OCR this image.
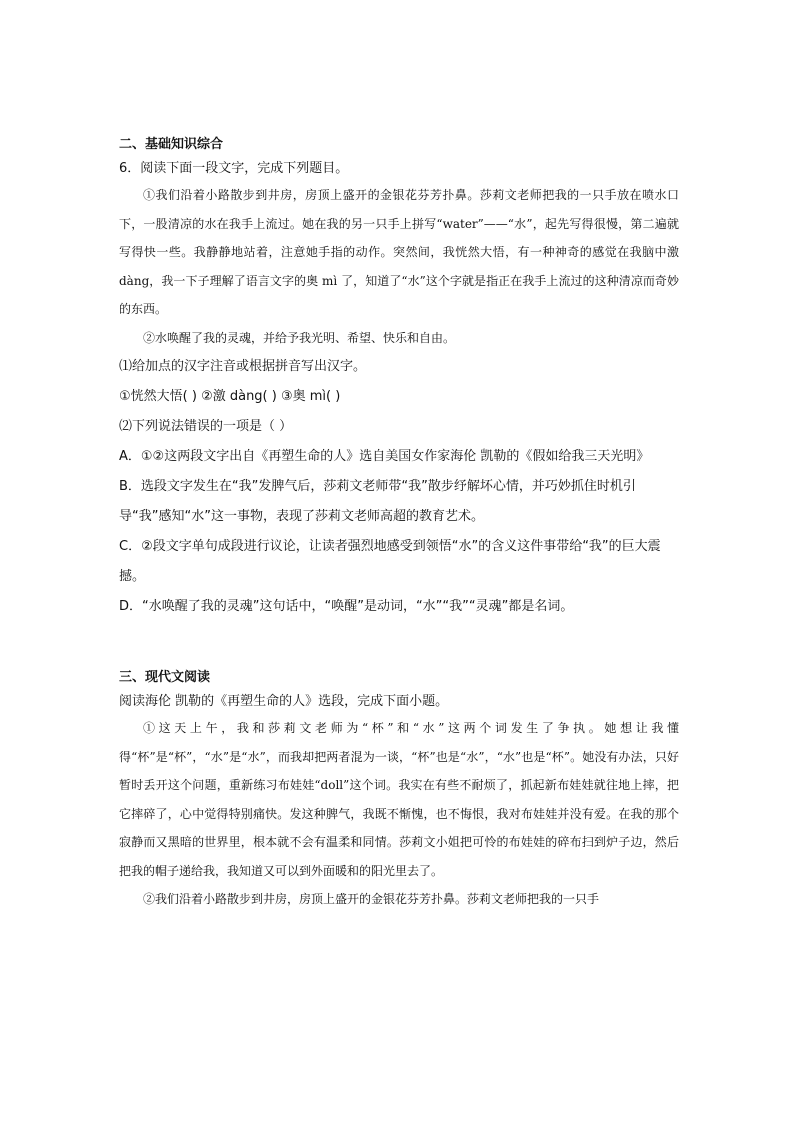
二、基础知识综合
6．阅读下面一段文字，完成下列题目。

①我们沿着小路散步到井房，房顶上盛开的金银花芬芳扑鼻。莎莉文老师把我的一只手放在喷水口下，一股清凉的水在我手上流过。她在我的另一只手上拼写“water”——“水”，起先写得很慢，第二遍就写得快一些。我静静地站着，注意她手指的动作。突然间，我恍然大悟，有一种神奇的感觉在我脑中激 dàng，我一下子理解了语言文字的奥 mì 了，知道了“水”这个字就是指正在我手上流过的这种清凉而奇妙的东西。

②水唤醒了我的灵魂，并给予我光明、希望、快乐和自由。

⑴给加点的汉字注音或根据拼音写出汉字。
①恍然大悟( ) ②激 dàng( ) ③奥 mì( )
⑵下列说法错误的一项是（ ）
A．①②这两段文字出自《再塑生命的人》选自美国女作家海伦 凯勒的《假如给我三天光明》
B．选段文字发生在“我”发脾气后，莎莉文老师带“我”散步纾解坏心情，并巧妙抓住时机引导“我”感知“水”这一事物，表现了莎莉文老师高超的教育艺术。
C．②段文字单句成段进行议论，让读者强烈地感受到领悟“水”的含义这件事带给“我”的巨大震撼。
D．“水唤醒了我的灵魂”这句话中，“唤醒”是动词，“水”“我”“灵魂”都是名词。
三、现代文阅读
阅读海伦 凯勒的《再塑生命的人》选段，完成下面小题。

①这天上午，我和莎莉文老师为“杯”和“水”这两个词发生了争执。她想让我懂得“杯”是“杯”，“水”是“水”，而我却把两者混为一谈，“杯”也是“水”，“水”也是“杯”。她没有办法，只好暂时丢开这个问题，重新练习布娃娃“doll”这个词。我实在有些不耐烦了，抓起新布娃娃就往地上摔，把它摔碎了，心中觉得特别痛快。发这种脾气，我既不惭愧，也不悔恨，我对布娃娃并没有爱。在我的那个寂静而又黑暗的世界里，根本就不会有温柔和同情。莎莉文小姐把可怜的布娃娃的碎布扫到炉子边，然后把我的帽子递给我，我知道又可以到外面暖和的阳光里去了。

②我们沿着小路散步到井房，房顶上盛开的金银花芬芳扑鼻。莎莉文老师把我的一只手
